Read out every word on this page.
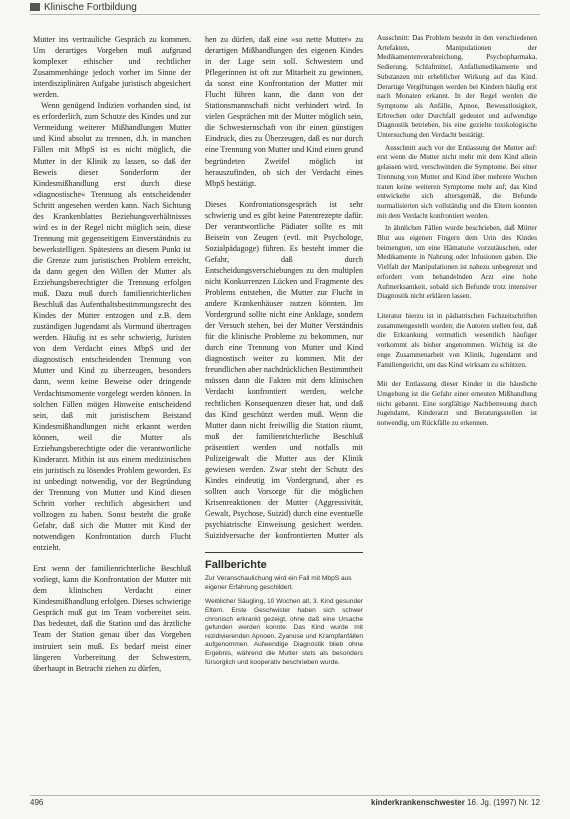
Klinische Fortbildung

Mutter ins vertrauliche Gespräch zu kommen. Um derartiges Vorgehen muß aufgrund komplexer ethischer und rechtlicher Zusammenhänge jedoch vorher im Sinne der interdisziplinären Aufgabe juristisch abgesichert werden.

Wenn genügend Indizien vorhanden sind, ist es erforderlich, zum Schutze des Kindes und zur Vermeidung weiterer Mißhandlungen Mutter und Kind absolut zu trennen, d.h. in manchen Fällen mit MbpS ist es nicht möglich, die Mutter in der Klinik zu lassen, so daß der Beweis dieser Sonderform der Kindesmißhandlung erst durch diese »diagnostische« Trennung als entscheidender Schritt angesehen werden kann. Nach Sichtung des Krankenblattes Beziehungsverhältnisses wird es in der Regel nicht möglich sein, diese Trennung mit gegenseitigem Einverständnis zu bewerkstelligen. Spätestens an diesem Punkt ist die Grenze zum juristischen Problem erreicht, da dann gegen den Willen der Mutter als Erziehungsberechtigter die Trennung erfolgen muß. Dazu muß durch familienrichterlichen Beschluß das Aufenthaltsbestimmungsrecht des Kindes der Mutter entzogen und z.B. dem zuständigen Jugendamt als Vormund übertragen werden. Häufig ist es sehr schwierig, Juristen von dem Verdacht eines MbpS und der diagnostisch entscheidenden Trennung von Mutter und Kind zu überzeugen, besonders dann, wenn keine Beweise oder dringende Verdachtsmomente vorgelegt werden können. In solchen Fällen mögen Hinweise entscheidend sein, daß mit juristischem Beistand Kindesmißhandlungen nicht erkannt werden können, weil die Mutter als Erziehungsberechtigte oder die verantwortliche Kinderarzt. Mithin ist aus einem medizinischen ein juristisch zu lösendes Problem geworden. Es ist unbedingt notwendig, vor der Begründung der Trennung von Mutter und Kind diesen Schritt vorher rechtlich abgesichert und vollzogen zu haben. Sonst besteht die große Gefahr, daß sich die Mutter mit Kind der notwendigen Konfrontation durch Flucht entzieht.

Erst wenn der familienrichterliche Beschluß vorliegt, kann die Konfrontation der Mutter mit dem klinischen Verdacht einer Kindesmißhandlung erfolgen. Dieses schwierige Gespräch muß gut im Team vorbereitet sein. Das bedeutet, daß die Station und das ärztliche Team der Station genau über das Vorgehen instruiert sein muß. Es bedarf meist einer längeren Vorbereitung der Schwestern, überhaupt in Betracht ziehen zu dürfen,

hen zu dürfen, daß eine »so nette Mutter« zu derartigen Mißhandlungen des eigenen Kindes in der Lage sein soll. Schwestern und Pflegerinnen ist oft zur Mitarbeit zu gewinnen, da sonst eine Konfrontation der Mutter mit Flucht führen kann, die dann von der Stationsmannschaft nicht verhindert wird. In vielen Gesprächen mit der Mutter möglich sein, die Schwesternschaft von ihr einen günstigen Eindruck, dies zu Überzeugen, daß es nur durch eine Trennung von Mutter und Kind einen grund begründeten Zweifel möglich ist herauszufinden, ob sich der Verdacht eines MbpS bestätigt.

Dieses Konfrontationsgespräch ist sehr schwierig und es gibt keine Patentrezepte dafür. Der verantwortliche Pädiater sollte es mit Beisein von Zeugen (evtl. mit Psychologe, Sozialpädagoge) führen. Es besteht immer die Gefahr, daß durch Entscheidungsverschiebungen zu den multiplen nicht Konkurrenzen Lücken und Fragmente des Problems entstehen, die Mutter zur Flucht in andere Krankenhäuser nutzen könnten. Im Vordergrund sollte nicht eine Anklage, sondern der Versuch stehen, bei der Mutter Verständnis für die klinische Probleme zu bekommen, nur durch eine Trennung von Mutter und Kind diagnostisch weiter zu kommen. Mit der freundlichen aber nachdrücklichen Bestimmtheit müssen dann die Fakten mit dem klinischen Verdacht konfrontiert werden, welche rechtlichen Konsequenzen dieser hat, und daß das Kind geschützt werden muß. Wenn die Mutter dann nicht freiwillig die Station räumt, muß der familienrichterliche Beschluß präsentiert werden und notfalls mit Polizeigewalt die Mutter aus der Klinik gewiesen werden. Zwar steht der Schutz des Kindes eindeutig im Vordergrund, aber es sollten auch Vorsorge für die möglichen Krisenreaktionen der Mutter (Aggressivität, Gewalt, Psychose, Suizid) durch eine eventuelle psychiatrische Einweisung gesichert werden. Suizidversuche der konfrontierten Mutter als

Fallberichte

Zur Veranschaulichung wird ein Fall mit MbpS aus eigener Erfahrung geschildert.

Weiblicher Säugling, 10 Wochen alt, 3. Kind gesunder Eltern. Erste Geschwister haben sich schwer chronisch erkrankt gezeigt, ohne daß eine Ursache gefunden werden konnte. Das Kind wurde mit rezidivierenden Apnoen, Zyanose und Krampfanfällen aufgenommen. Aufwendige Diagnostik blieb ohne Ergebnis, während die Mutter stets als besonders fürsorglich und kooperativ beschrieben wurde.

Ausschnitt: Das Problem besteht in den verschiedenen Artefakten, Manipulationen der Medikamentenverabreichung, Psychopharmaka, Sedierung, Schlafmittel, Anfallsmedikamente und Substanzen mit erheblicher Wirkung auf das Kind. Derartige Vergiftungen werden bei Kindern häufig erst nach Monaten erkannt. In der Regel werden die Symptome als Anfälle, Apnoe, Bewusstlosigkeit, Erbrechen oder Durchfall gedeutet und aufwendige Diagnostik betrieben, bis eine gezielte toxikologische Untersuchung den Verdacht bestätigt.

Ausschnitt auch vor der Entlassung der Mutter auf: erst wenn die Mutter nicht mehr mit dem Kind allein gelassen wird, verschwinden die Symptome. Bei einer Trennung von Mutter und Kind über mehrere Wochen traten keine weiteren Symptome mehr auf; das Kind entwickelte sich altersgemäß, die Befunde normalisierten sich vollständig und die Eltern konnten mit dem Verdacht konfrontiert werden.

In ähnlichen Fällen wurde beschrieben, daß Mütter Blut aus eigenen Fingern dem Urin des Kindes beimengten, um eine Hämaturie vorzutäuschen, oder Medikamente in Nahrung oder Infusionen gaben. Die Vielfalt der Manipulationen ist nahezu unbegrenzt und erfordert vom behandelnden Arzt eine hohe Aufmerksamkeit, sobald sich Befunde trotz intensiver Diagnostik nicht erklären lassen.

Literatur hierzu ist in pädiatrischen Fachzeitschriften zusammengestellt worden; die Autoren stellen fest, daß die Erkrankung vermutlich wesentlich häufiger vorkommt als bisher angenommen. Wichtig ist die enge Zusammenarbeit von Klinik, Jugendamt und Familiengericht, um das Kind wirksam zu schützen.

Mit der Entlassung dieser Kinder in die häusliche Umgebung ist die Gefahr einer erneuten Mißhandlung nicht gebannt. Eine sorgfältige Nachbetreuung durch Jugendamt, Kinderarzt und Beratungsstellen ist notwendig, um Rückfälle zu erkennen.

496	kinderkrankenschwester 16. Jg. (1997) Nr. 12
